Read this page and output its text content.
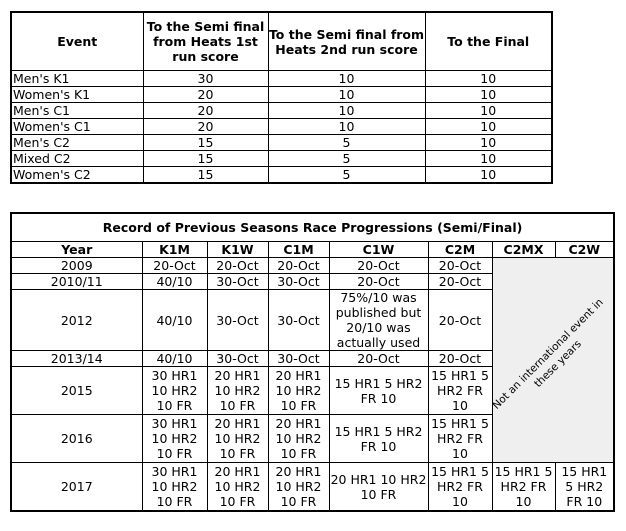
Event	To the Semi final from Heats 1st run score	To the Semi final from Heats 2nd run score	To the Final
Men's K1	30	10	10
Women's K1	20	10	10
Men's C1	20	10	10
Women's C1	20	10	10
Men's C2	15	5	10
Mixed C2	15	5	10
Women's C2	15	5	10
Record of Previous Seasons Race Progressions (Semi/Final)							
Year	K1M	K1W	C1M	C1W	C2M	C2MX	C2W
2009	20-Oct	20-Oct	20-Oct	20-Oct	20-Oct	Not an international event in these years	

2010/11	40/10	30-Oct	30-Oct	20-Oct	20-Oct		
2012	40/10	30-Oct	30-Oct	75%/10 was published but 20/10 was actually used	20-Oct		
2013/14	40/10	30-Oct	30-Oct	20-Oct	20-Oct		
2015	30 HR1 10 HR2 10 FR	20 HR1 10 HR2 10 FR	20 HR1 10 HR2 10 FR	15 HR1 5 HR2 FR 10	15 HR1 5 HR2 FR 10		
2016	30 HR1 10 HR2 10 FR	20 HR1 10 HR2 10 FR	20 HR1 10 HR2 10 FR	15 HR1 5 HR2 FR 10	15 HR1 5 HR2 FR 10		
2017	30 HR1 10 HR2 10 FR	20 HR1 10 HR2 10 FR	20 HR1 10 HR2 10 FR	20 HR1 10 HR2 10 FR	15 HR1 5 HR2 FR 10	15 HR1 5 HR2 FR 10	15 HR1 5 HR2 FR 10
